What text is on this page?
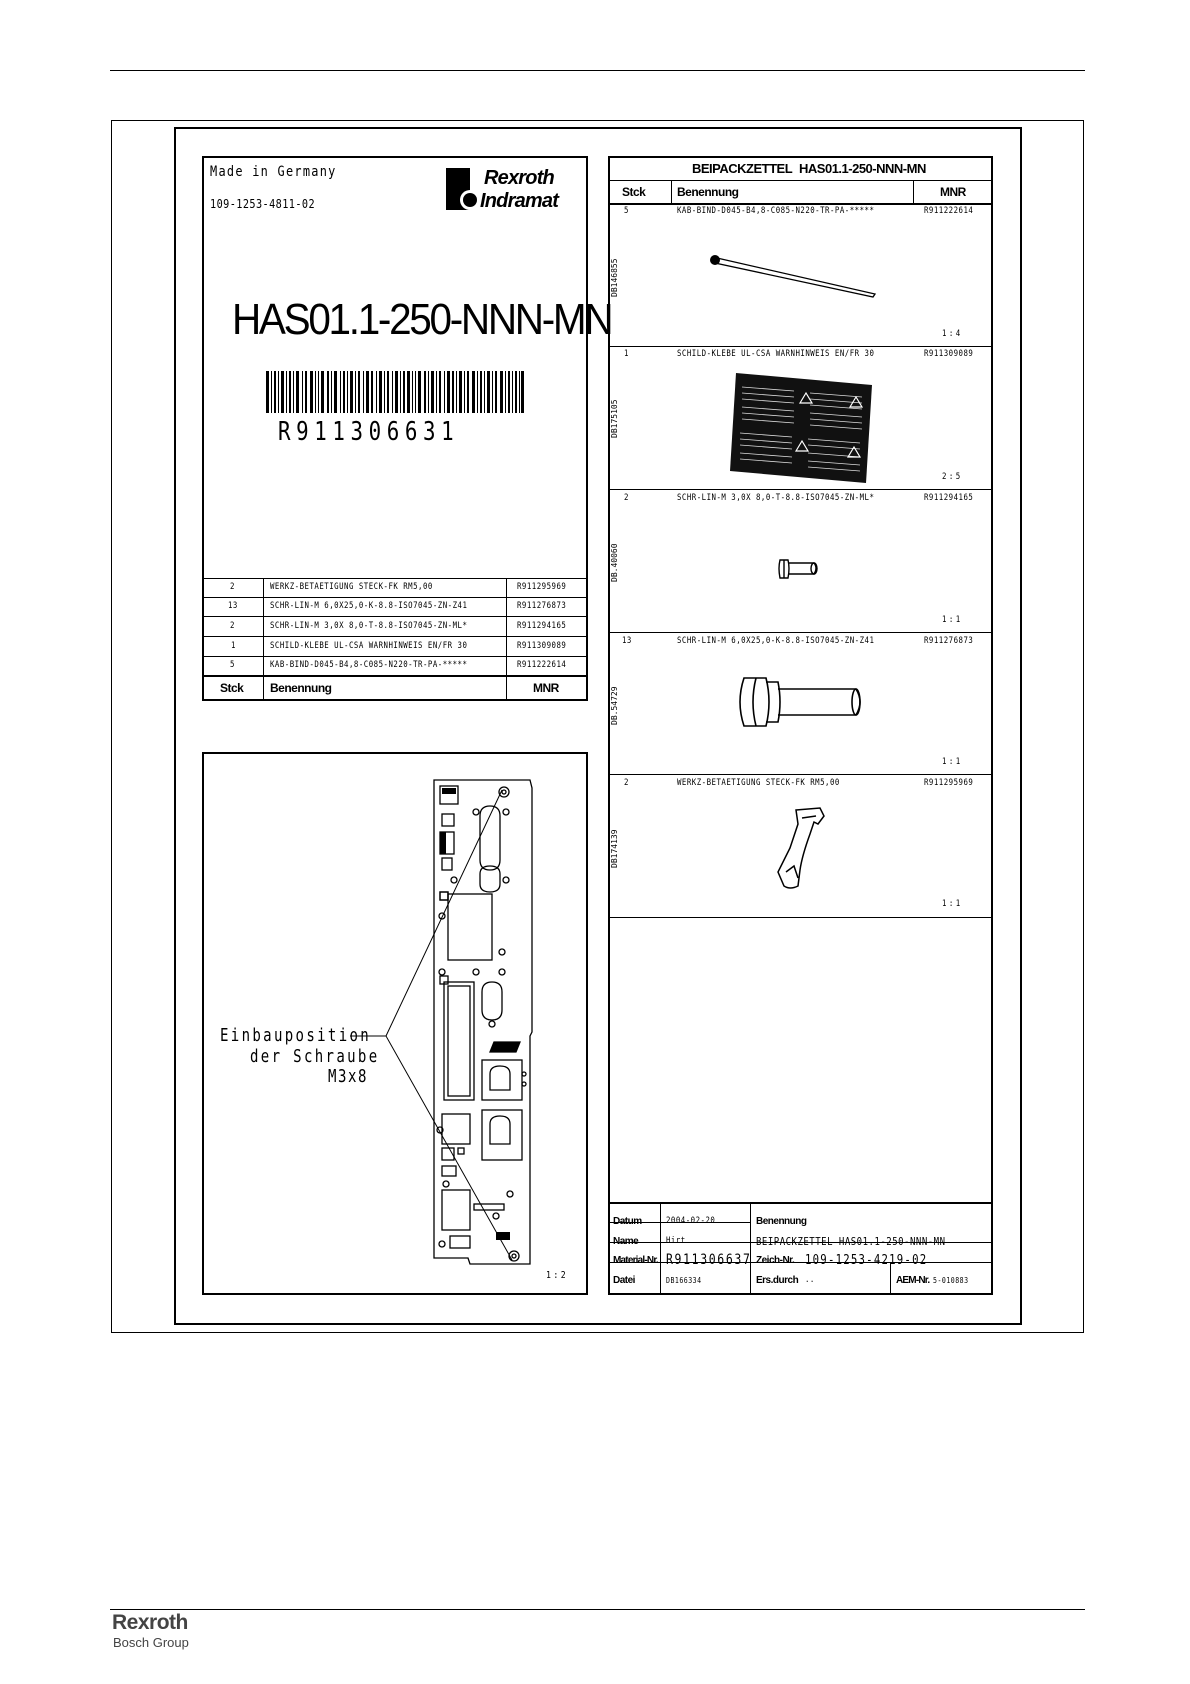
Made in Germany
109-1253-4811-02
Rexroth
Indramat
HAS01.1-250-NNN-MN
R911306631
2	WERKZ-BETAETIGUNG STECK-FK RM5,00	R911295969
13	SCHR-LIN-M 6,0X25,0-K-8.8-ISO7045-ZN-Z41	R911276873
2	SCHR-LIN-M 3,0X 8,0-T-8.8-ISO7045-ZN-ML*	R911294165
1	SCHILD-KLEBE UL-CSA WARNHINWEIS EN/FR 30	R911309089
5	KAB-BIND-D045-B4,8-C085-N220-TR-PA-*****	R911222614
Stck Benennung	MNR
Einbauposition
der Schraube
M3x8
1:2
BEIPACKZETTEL HAS01.1-250-NNN-MN
Stck	Benennung	MNR
5	KAB-BIND-D045-B4,8-C085-N220-TR-PA-*****	R911222614
DB146855
1:4
1	SCHILD-KLEBE UL-CSA WARNHINWEIS EN/FR 30	R911309089
DB175105
2:5
2	SCHR-LIN-M 3,0X 8,0-T-8.8-ISO7045-ZN-ML*	R911294165
DB.40060
1:1
13	SCHR-LIN-M 6,0X25,0-K-8.8-ISO7045-ZN-Z41	R911276873
DB.54729
1:1
2	WERKZ-BETAETIGUNG STECK-FK RM5,00	R911295969
DB174139
1:1
Datum	2004-02-20	Benennung
BEIPACKZETTEL HAS01.1-250-NNN-MN
Name	Hirt
Material-Nr. R911306637 Zeich-Nr. 109-1253-4219-02
Datei	DB166334	Ers.durch ..	AEM-Nr. 5-010883
Rexroth
Bosch Group
